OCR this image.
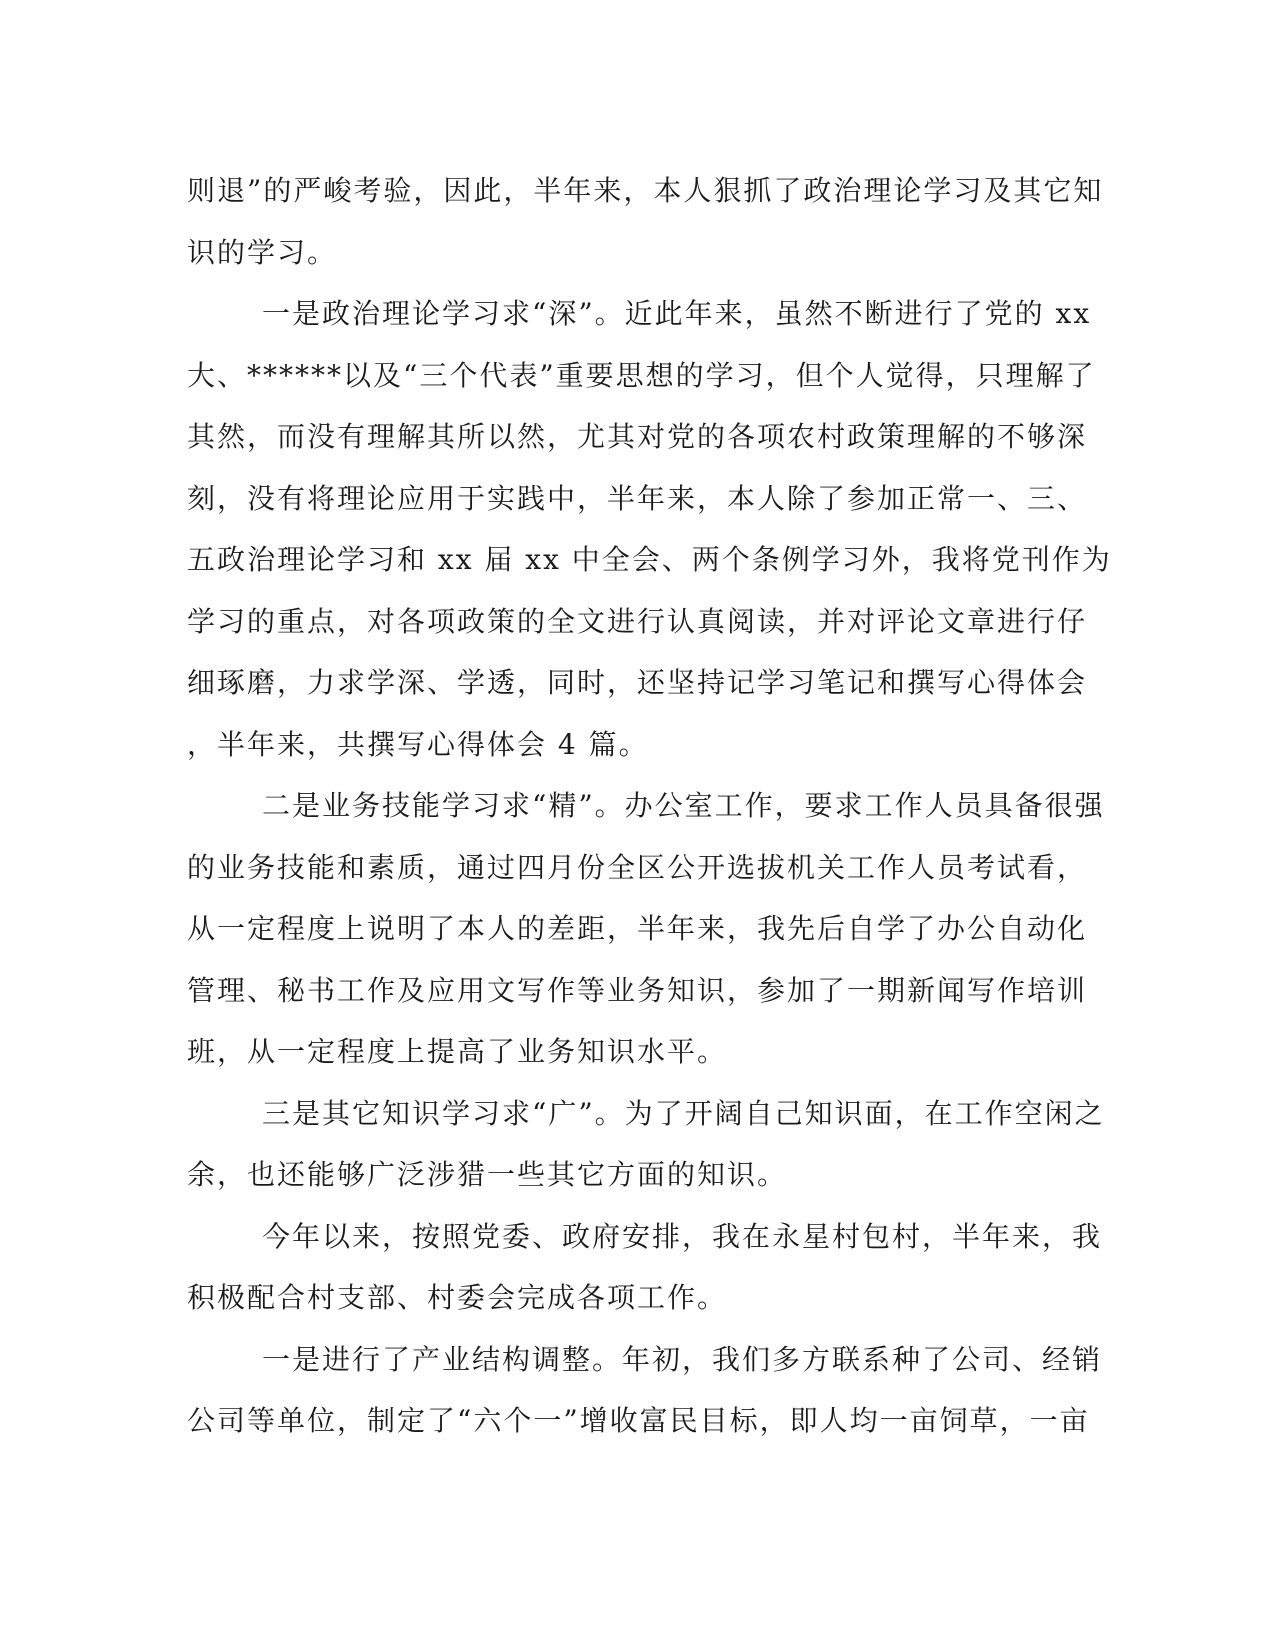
则退”的严峻考验，因此，半年来，本人狠抓了政治理论学习及其它知
识的学习。
一是政治理论学习求“深”。近此年来，虽然不断进行了党的 xx
大、******以及“三个代表”重要思想的学习，但个人觉得，只理解了
其然，而没有理解其所以然，尤其对党的各项农村政策理解的不够深
刻，没有将理论应用于实践中，半年来，本人除了参加正常一、三、
五政治理论学习和 xx 届 xx 中全会、两个条例学习外，我将党刊作为
学习的重点，对各项政策的全文进行认真阅读，并对评论文章进行仔
细琢磨，力求学深、学透，同时，还坚持记学习笔记和撰写心得体会
，半年来，共撰写心得体会 4 篇。
二是业务技能学习求“精”。办公室工作，要求工作人员具备很强
的业务技能和素质，通过四月份全区公开选拔机关工作人员考试看，
从一定程度上说明了本人的差距，半年来，我先后自学了办公自动化
管理、秘书工作及应用文写作等业务知识，参加了一期新闻写作培训
班，从一定程度上提高了业务知识水平。
三是其它知识学习求“广”。为了开阔自己知识面，在工作空闲之
余，也还能够广泛涉猎一些其它方面的知识。
今年以来，按照党委、政府安排，我在永星村包村，半年来，我
积极配合村支部、村委会完成各项工作。
一是进行了产业结构调整。年初，我们多方联系种了公司、经销
公司等单位，制定了“六个一”增收富民目标，即人均一亩饲草，一亩
